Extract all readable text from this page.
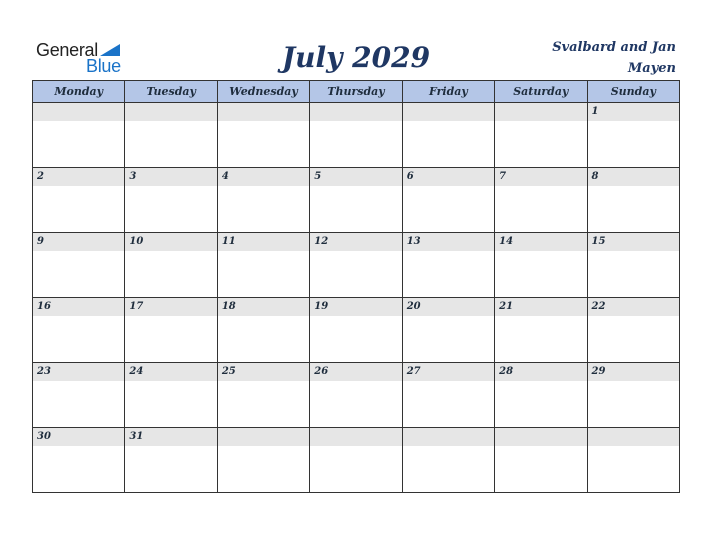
General
Blue	July 2029	Svalbard and Jan Mayen
Monday	Tuesday	Wednesday	Thursday	Friday	Saturday	Sunday

						1

2	3	4	5	6	7	8

9	10	11	12	13	14	15

16	17	18	19	20	21	22

23	24	25	26	27	28	29

30	31					
